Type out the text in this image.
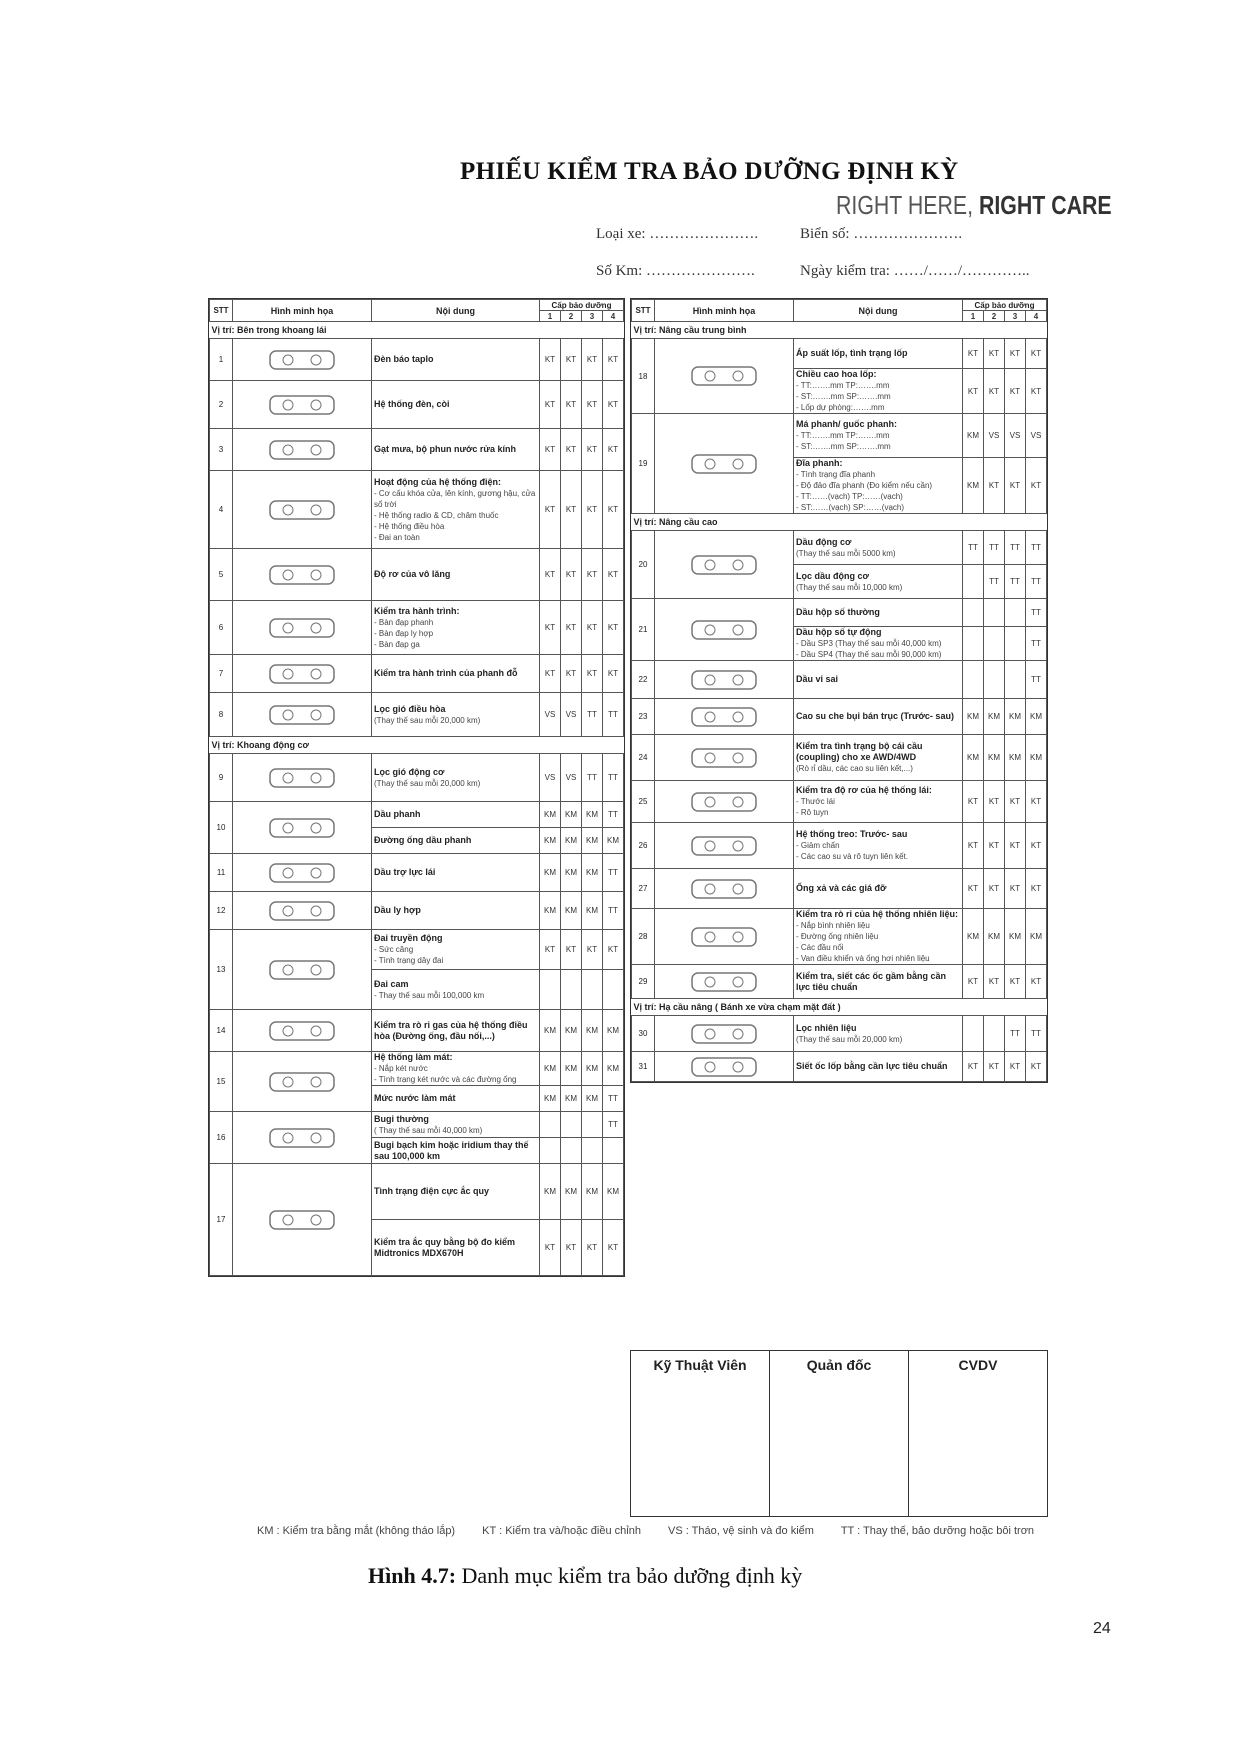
PHIẾU KIỂM TRA BẢO DƯỠNG ĐỊNH KỲ
RIGHT HERE, RIGHT CARE
Loại xe: ………………….	Biển số: ………………….
Số Km: ………………….	Ngày kiểm tra: ……/……/…………..
STT	Hình minh họa	Nội dung	Cấp bảo dưỡng			
			1	2	3	4
Vị trí: Bên trong khoang lái						
1		Đèn báo taplo	KT	KT	KT	KT
2		Hệ thống đèn, còi	KT	KT	KT	KT
3		Gạt mưa, bộ phun nước rửa kính	KT	KT	KT	KT
4		Hoạt động của hệ thống điện:
- Cơ cấu khóa cửa, lên kính, gương hậu, cửa sổ trời
- Hệ thống radio & CD, châm thuốc
- Hệ thống điều hòa
- Đai an toàn	KT	KT	KT	KT
5		Độ rơ của vô lăng	KT	KT	KT	KT
6		Kiểm tra hành trình:
- Bàn đạp phanh
- Bàn đạp ly hợp
- Bàn đạp ga	KT	KT	KT	KT
7		Kiểm tra hành trình của phanh đỗ	KT	KT	KT	KT
8		Lọc gió điều hòa
(Thay thế sau mỗi 20,000 km)	VS	VS	TT	TT
Vị trí: Khoang động cơ						
9		Lọc gió động cơ
(Thay thế sau mỗi 20,000 km)	VS	VS	TT	TT
10		Dầu phanh	KM	KM	KM	TT
		Đường ống dầu phanh	KM	KM	KM	KM
11		Dầu trợ lực lái	KM	KM	KM	TT
12		Dầu ly hợp	KM	KM	KM	TT
13		Đai truyền động
- Sức căng
- Tình trạng dây đai	KT	KT	KT	KT
		Đai cam
- Thay thế sau mỗi 100,000 km				

14		Kiểm tra rò rỉ gas của hệ thống điều hòa (Đường ống, đầu nối,...)	KM	KM	KM	KM
15		Hệ thống làm mát:
- Nắp két nước
- Tình trạng két nước và các đường ống	KM	KM	KM	KM
		Mức nước làm mát	KM	KM	KM	TT
16		Bugi thường
( Thay thế sau mỗi 40,000 km)				TT
		Bugi bạch kim hoặc iridium thay thế sau 100,000 km				
17		Tình trạng điện cực ắc quy	KM	KM	KM	KM
		Kiểm tra ắc quy bằng bộ đo kiểm Midtronics MDX670H	KT	KT	KT	KT
STT	Hình minh họa	Nội dung	Cấp bảo dưỡng			
			1	2	3	4
Vị trí: Nâng cầu trung bình						
18		Áp suất lốp, tình trạng lốp	KT	KT	KT	KT
		Chiều cao hoa lốp:
- TT:…….mm TP:…….mm
- ST:…….mm SP:…….mm
- Lốp dự phòng:…….mm	KT	KT	KT	KT
19		Má phanh/ guốc phanh:
- TT:…….mm TP:…….mm
- ST:…….mm SP:…….mm	KM	VS	VS	VS
		Đĩa phanh:
- Tình trạng đĩa phanh
- Độ đảo đĩa phanh (Đo kiểm nếu cần)
- TT:……(vạch) TP:……(vạch)
- ST:……(vạch) SP:……(vạch)	KM	KT	KT	KT
Vị trí: Nâng cầu cao						
20		Dầu động cơ
(Thay thế sau mỗi 5000 km)	TT	TT	TT	TT
		Lọc dầu động cơ
(Thay thế sau mỗi 10,000 km)		TT	TT	TT
21		Dầu hộp số thường				TT
		Dầu hộp số tự động
- Dầu SP3 (Thay thế sau mỗi 40,000 km)
- Dầu SP4 (Thay thế sau mỗi 90,000 km)				TT
22		Dầu vi sai				TT
23		Cao su che bụi bán trục (Trước- sau)	KM	KM	KM	KM
24		Kiểm tra tình trạng bộ cái cầu (coupling) cho xe AWD/4WD
(Rò rỉ dầu, các cao su liên kết,...)	KM	KM	KM	KM
25		Kiểm tra độ rơ của hệ thống lái:
- Thước lái
- Rô tuyn	KT	KT	KT	KT
26		Hệ thống treo: Trước- sau
- Giảm chấn
- Các cao su và rô tuyn liên kết.	KT	KT	KT	KT
27		Ống xả và các giá đỡ	KT	KT	KT	KT
28		Kiểm tra rò rỉ của hệ thống nhiên liệu:
- Nắp bình nhiên liệu
- Đường ống nhiên liệu
- Các đầu nối
- Van điều khiển và ống hơi nhiên liệu	KM	KM	KM	KM
29		Kiểm tra, siết các ốc gầm bằng cần lực tiêu chuẩn	KT	KT	KT	KT
Vị trí: Hạ cầu nâng ( Bánh xe vừa chạm mặt đất )						
30		Lọc nhiên liệu
(Thay thế sau mỗi 20,000 km)			TT	TT
31		Siết ốc lốp bằng cần lực tiêu chuẩn	KT	KT	KT	KT
Kỹ Thuật Viên	Quản đốc	CVDV
KM : Kiểm tra bằng mắt (không tháo lắp) KT : Kiểm tra và/hoặc điều chỉnh VS : Tháo, vệ sinh và đo kiểm TT : Thay thế, bảo dưỡng hoặc bôi trơn
Hình 4.7: Danh mục kiểm tra bảo dưỡng định kỳ
24
